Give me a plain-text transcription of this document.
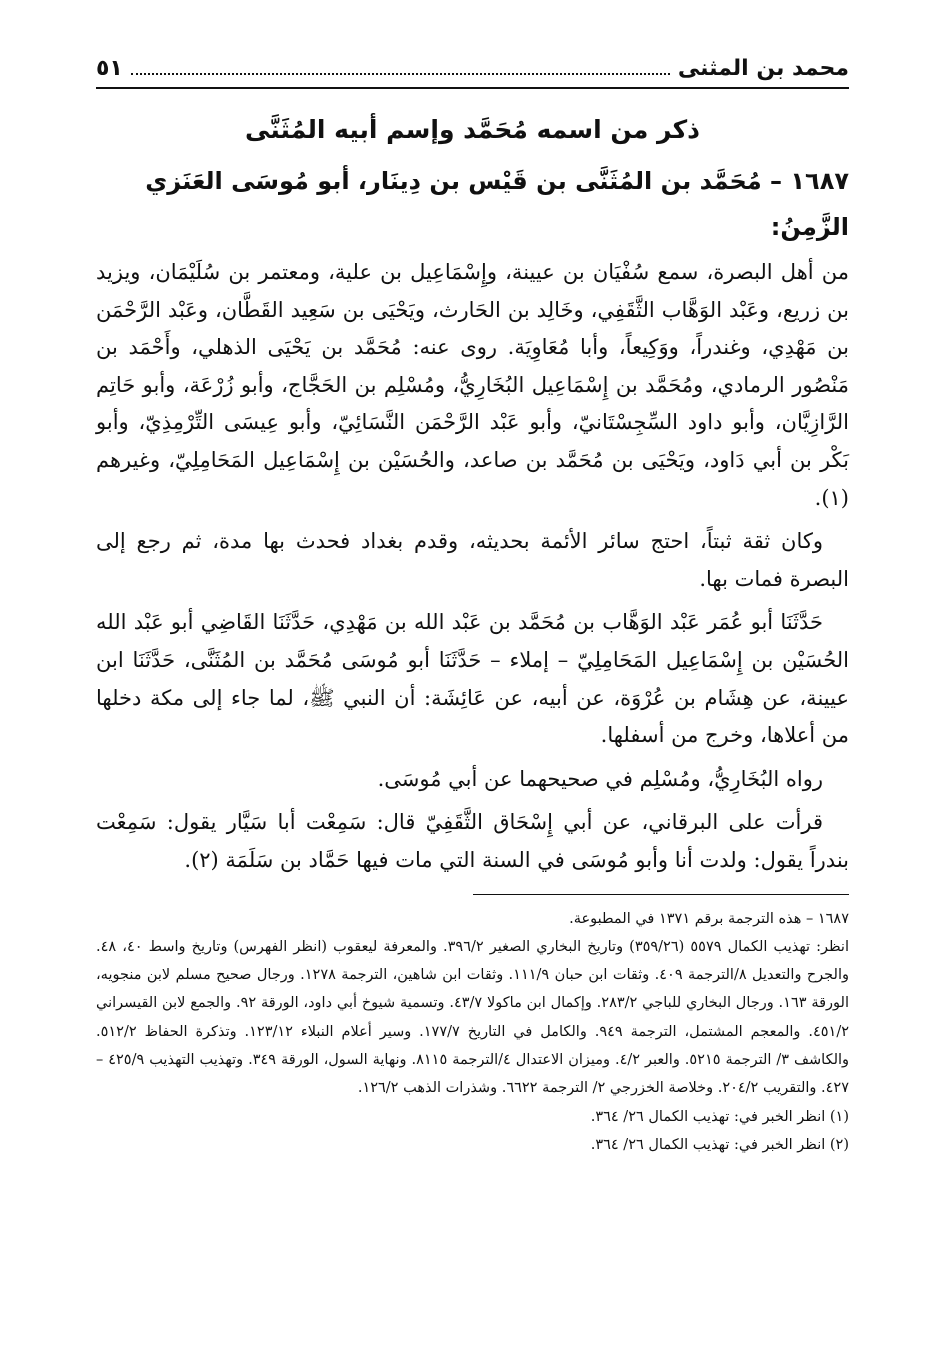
محمد بن المثنى
٥١
ذكر من اسمه مُحَمَّد وإسم أبيه المُثَنَّى
١٦٨٧ – مُحَمَّد بن المُثَنَّى بن قَيْس بن دِينَار، أبو مُوسَى العَنَزي الزَّمِنُ:

من أهل البصرة، سمع سُفْيَان بن عيينة، وإِسْمَاعِيل بن علية، ومعتمر بن سُلَيْمَان، ويزيد بن زريع، وعَبْد الوَهَّاب الثَّقَفِي، وخَالِد بن الحَارث، ويَحْيَى بن سَعِيد القَطَّان، وعَبْد الرَّحْمَن بن مَهْدِي، وغندراً، ووَكِيعاً، وأبا مُعَاوِيَة. روى عنه: مُحَمَّد بن يَحْيَى الذهلي، وأَحْمَد بن مَنْصُور الرمادي، ومُحَمَّد بن إِسْمَاعِيل البُخَارِيُّ، ومُسْلِم بن الحَجَّاج، وأبو زُرْعَة، وأبو حَاتِم الرَّازِيَّان، وأبو داود السِّجِسْتَانيّ، وأبو عَبْد الرَّحْمَن النَّسَائِيّ، وأبو عِيسَى التِّرْمِذِيّ، وأبو بَكْر بن أبي دَاود، ويَحْيَى بن مُحَمَّد بن صاعد، والحُسَيْن بن إِسْمَاعِيل المَحَامِلِيّ، وغيرهم (١).

وكان ثقة ثبتاً، احتج سائر الأئمة بحديثه، وقدم بغداد فحدث بها مدة، ثم رجع إلى البصرة فمات بها.

حَدَّثَنَا أبو عُمَر عَبْد الوَهَّاب بن مُحَمَّد بن عَبْد الله بن مَهْدِي، حَدَّثَنَا القَاضِي أبو عَبْد الله الحُسَيْن بن إِسْمَاعِيل المَحَامِلِيّ – إملاء – حَدَّثَنَا أبو مُوسَى مُحَمَّد بن المُثَنَّى، حَدَّثَنَا ابن عيينة، عن هِشَام بن عُرْوَة، عن أبيه، عن عَائِشَة: أن النبي ﷺ، لما جاء إلى مكة دخلها من أعلاها، وخرج من أسفلها.

رواه البُخَارِيُّ، ومُسْلِم في صحيحهما عن أبي مُوسَى.

قرأت على البرقاني، عن أبي إِسْحَاق الثَّقَفِيّ قال: سَمِعْت أبا سَيَّار يقول: سَمِعْت بندراً يقول: ولدت أنا وأبو مُوسَى في السنة التي مات فيها حَمَّاد بن سَلَمَة (٢).

١٦٨٧ – هذه الترجمة برقم ١٣٧١ في المطبوعة.
انظر: تهذيب الكمال ٥٥٧٩ (٣٥٩/٢٦) وتاريخ البخاري الصغير ٣٩٦/٢. والمعرفة ليعقوب (انظر الفهرس) وتاريخ واسط ٤٠، ٤٨. والجرح والتعديل ٨/الترجمة ٤٠٩. وثقات ابن حبان ١١١/٩. وثقات ابن شاهين، الترجمة ١٢٧٨. ورجال صحيح مسلم لابن منجويه، الورقة ١٦٣. ورجال البخاري للباجي ٢٨٣/٢. وإكمال ابن ماكولا ٤٣/٧. وتسمية شيوخ أبي داود، الورقة ٩٢. والجمع لابن القيسراني ٤٥١/٢. والمعجم المشتمل، الترجمة ٩٤٩. والكامل في التاريخ ١٧٧/٧. وسير أعلام النبلاء ١٢٣/١٢. وتذكرة الحفاظ ٥١٢/٢. والكاشف ٣/ الترجمة ٥٢١٥. والعبر ٤/٢. وميزان الاعتدال ٤/الترجمة ٨١١٥. ونهاية السول، الورقة ٣٤٩. وتهذيب التهذيب ٤٢٥/٩ – ٤٢٧. والتقريب ٢٠٤/٢. وخلاصة الخزرجي ٢/ الترجمة ٦٦٢٢. وشذرات الذهب ١٢٦/٢.
(١) انظر الخبر في: تهذيب الكمال ٢٦/ ٣٦٤.
(٢) انظر الخبر في: تهذيب الكمال ٢٦/ ٣٦٤.
